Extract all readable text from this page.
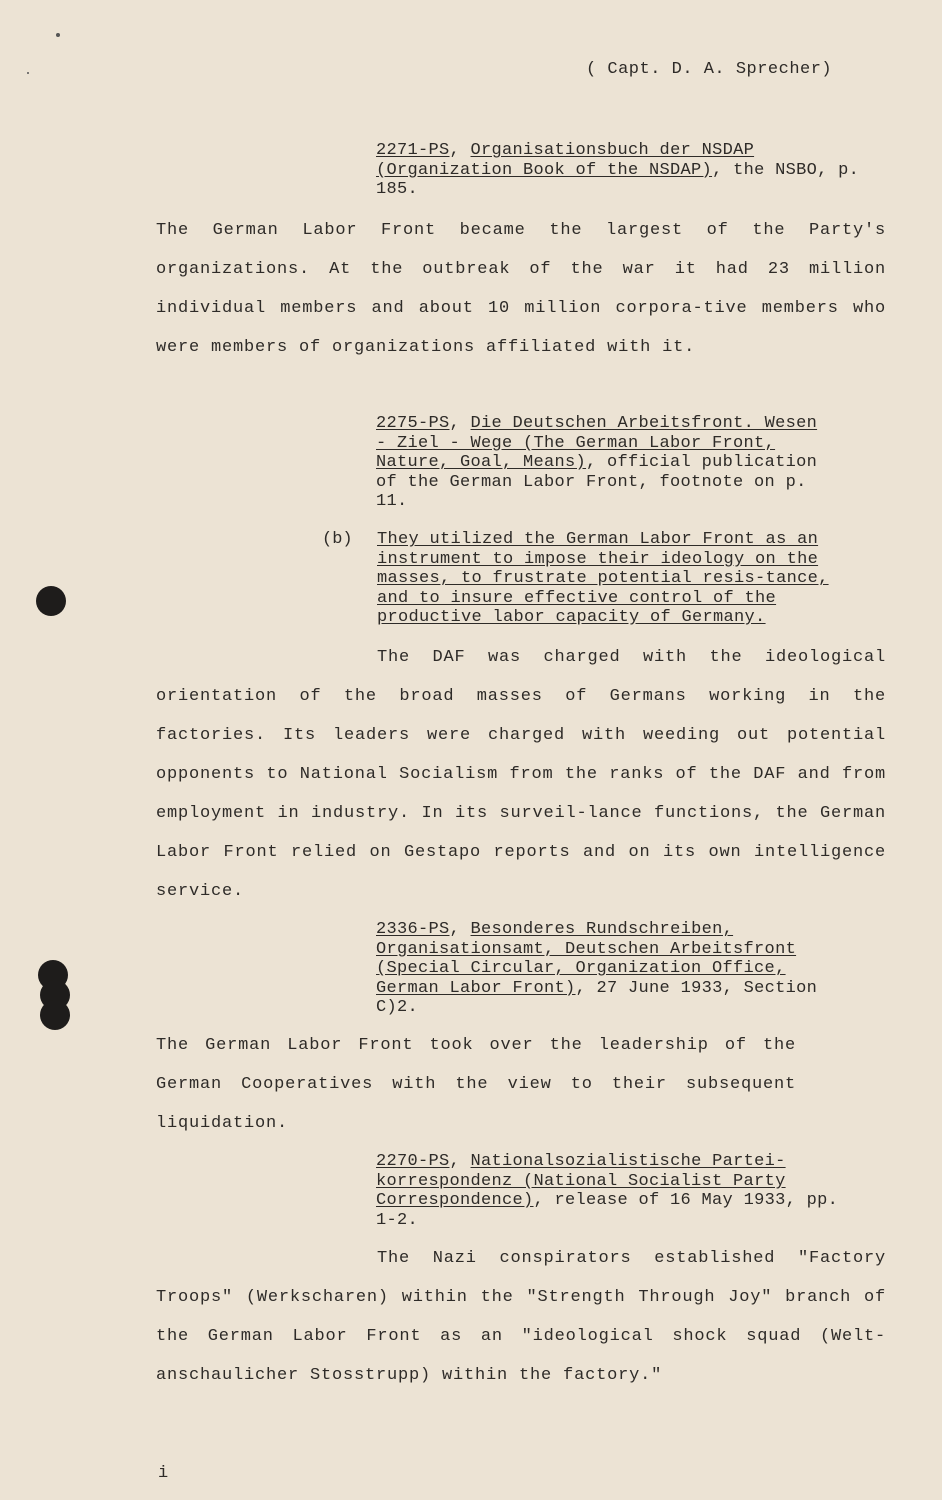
( Capt. D. A. Sprecher)
2271-PS, Organisationsbuch der NSDAP (Organization Book of the NSDAP), the NSBO, p. 185.
The German Labor Front became the largest of the Party's organizations. At the outbreak of the war it had 23 million individual members and about 10 million corpora-tive members who were members of organizations affiliated with it.
2275-PS, Die Deutschen Arbeitsfront. Wesen - Ziel - Wege (The German Labor Front, Nature, Goal, Means), official publication of the German Labor Front, footnote on p. 11.
(b) They utilized the German Labor Front as an instrument to impose their ideology on the masses, to frustrate potential resis-tance, and to insure effective control of the productive labor capacity of Germany.
The DAF was charged with the ideological orientation of the broad masses of Germans working in the factories. Its leaders were charged with weeding out potential opponents to National Socialism from the ranks of the DAF and from employment in industry. In its surveil-lance functions, the German Labor Front relied on Gestapo reports and on its own intelligence service.
2336-PS, Besonderes Rundschreiben, Organisationsamt, Deutschen Arbeitsfront (Special Circular, Organization Office, German Labor Front), 27 June 1933, Section C)2.
The German Labor Front took over the leadership of the German Cooperatives with the view to their subsequent liquidation.
2270-PS, Nationalsozialistische Partei-korrespondenz (National Socialist Party Correspondence), release of 16 May 1933, pp. 1-2.
The Nazi conspirators established "Factory Troops" (Werkscharen) within the "Strength Through Joy" branch of the German Labor Front as an "ideological shock squad (Welt-anschaulicher Stosstrupp) within the factory."
i
